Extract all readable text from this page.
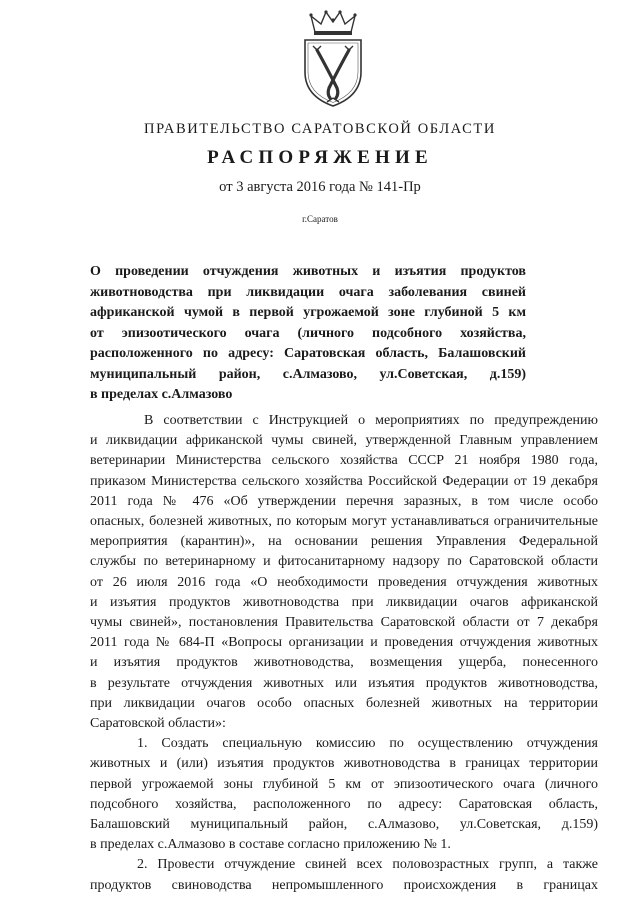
ПРАВИТЕЛЬСТВО САРАТОВСКОЙ ОБЛАСТИ
РАСПОРЯЖЕНИЕ
от 3 августа 2016 года № 141-Пр
г.Саратов
О проведении отчуждения животных и изъятия продуктов
животноводства при ликвидации очага заболевания свиней
африканской чумой в первой угрожаемой зоне глубиной 5 км
от эпизоотического очага (личного подсобного хозяйства,
расположенного по адресу: Саратовская область, Балашовский
муниципальный район, с.Алмазово, ул.Советская, д.159)
в пределах с.Алмазово
В соответствии с Инструкцией о мероприятиях по предупреждению
и ликвидации африканской чумы свиней, утвержденной Главным управлением
ветеринарии Министерства сельского хозяйства СССР 21 ноября 1980 года,
приказом Министерства сельского хозяйства Российской Федерации от 19 декабря
2011 года № 476 «Об утверждении перечня заразных, в том числе особо
опасных, болезней животных, по которым могут устанавливаться ограничительные
мероприятия (карантин)», на основании решения Управления Федеральной
службы по ветеринарному и фитосанитарному надзору по Саратовской области
от 26 июля 2016 года «О необходимости проведения отчуждения животных
и изъятия продуктов животноводства при ликвидации очагов африканской
чумы свиней», постановления Правительства Саратовской области от 7 декабря
2011 года № 684-П «Вопросы организации и проведения отчуждения животных
и изъятия продуктов животноводства, возмещения ущерба, понесенного
в результате отчуждения животных или изъятия продуктов животноводства,
при ликвидации очагов особо опасных болезней животных на территории
Саратовской области»:
1. Создать специальную комиссию по осуществлению отчуждения
животных и (или) изъятия продуктов животноводства в границах территории
первой угрожаемой зоны глубиной 5 км от эпизоотического очага (личного
подсобного хозяйства, расположенного по адресу: Саратовская область,
Балашовский муниципальный район, с.Алмазово, ул.Советская, д.159)
в пределах с.Алмазово в составе согласно приложению № 1.
2. Провести отчуждение свиней всех половозрастных групп, а также
продуктов свиноводства непромышленного происхождения в границах
